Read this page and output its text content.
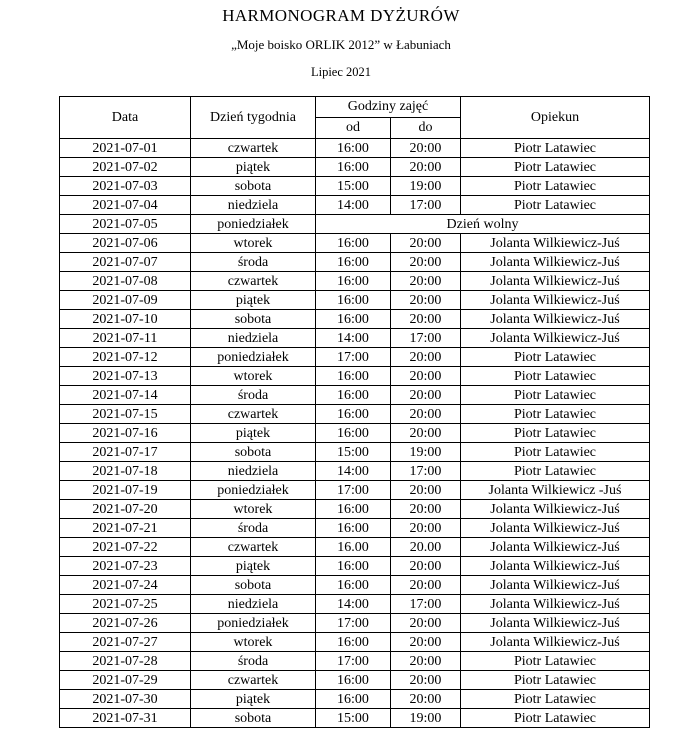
HARMONOGRAM DYŻURÓW
„Moje boisko ORLIK 2012” w Łabuniach
Lipiec 2021
Data	Dzień tygodnia	Godziny zajęć		Opiekun
		od	do	
2021-07-01	czwartek	16:00	20:00	Piotr Latawiec
2021-07-02	piątek	16:00	20:00	Piotr Latawiec
2021-07-03	sobota	15:00	19:00	Piotr Latawiec
2021-07-04	niedziela	14:00	17:00	Piotr Latawiec
2021-07-05	poniedziałek	Dzień wolny		
2021-07-06	wtorek	16:00	20:00	Jolanta Wilkiewicz-Juś
2021-07-07	środa	16:00	20:00	Jolanta Wilkiewicz-Juś
2021-07-08	czwartek	16:00	20:00	Jolanta Wilkiewicz-Juś
2021-07-09	piątek	16:00	20:00	Jolanta Wilkiewicz-Juś
2021-07-10	sobota	16:00	20:00	Jolanta Wilkiewicz-Juś
2021-07-11	niedziela	14:00	17:00	Jolanta Wilkiewicz-Juś
2021-07-12	poniedziałek	17:00	20:00	Piotr Latawiec
2021-07-13	wtorek	16:00	20:00	Piotr Latawiec
2021-07-14	środa	16:00	20:00	Piotr Latawiec
2021-07-15	czwartek	16:00	20:00	Piotr Latawiec
2021-07-16	piątek	16:00	20:00	Piotr Latawiec
2021-07-17	sobota	15:00	19:00	Piotr Latawiec
2021-07-18	niedziela	14:00	17:00	Piotr Latawiec
2021-07-19	poniedziałek	17:00	20:00	Jolanta Wilkiewicz -Juś
2021-07-20	wtorek	16:00	20:00	Jolanta Wilkiewicz-Juś
2021-07-21	środa	16:00	20:00	Jolanta Wilkiewicz-Juś
2021-07-22	czwartek	16.00	20.00	Jolanta Wilkiewicz-Juś
2021-07-23	piątek	16:00	20:00	Jolanta Wilkiewicz-Juś
2021-07-24	sobota	16:00	20:00	Jolanta Wilkiewicz-Juś
2021-07-25	niedziela	14:00	17:00	Jolanta Wilkiewicz-Juś
2021-07-26	poniedziałek	17:00	20:00	Jolanta Wilkiewicz-Juś
2021-07-27	wtorek	16:00	20:00	Jolanta Wilkiewicz-Juś
2021-07-28	środa	17:00	20:00	Piotr Latawiec
2021-07-29	czwartek	16:00	20:00	Piotr Latawiec
2021-07-30	piątek	16:00	20:00	Piotr Latawiec
2021-07-31	sobota	15:00	19:00	Piotr Latawiec
